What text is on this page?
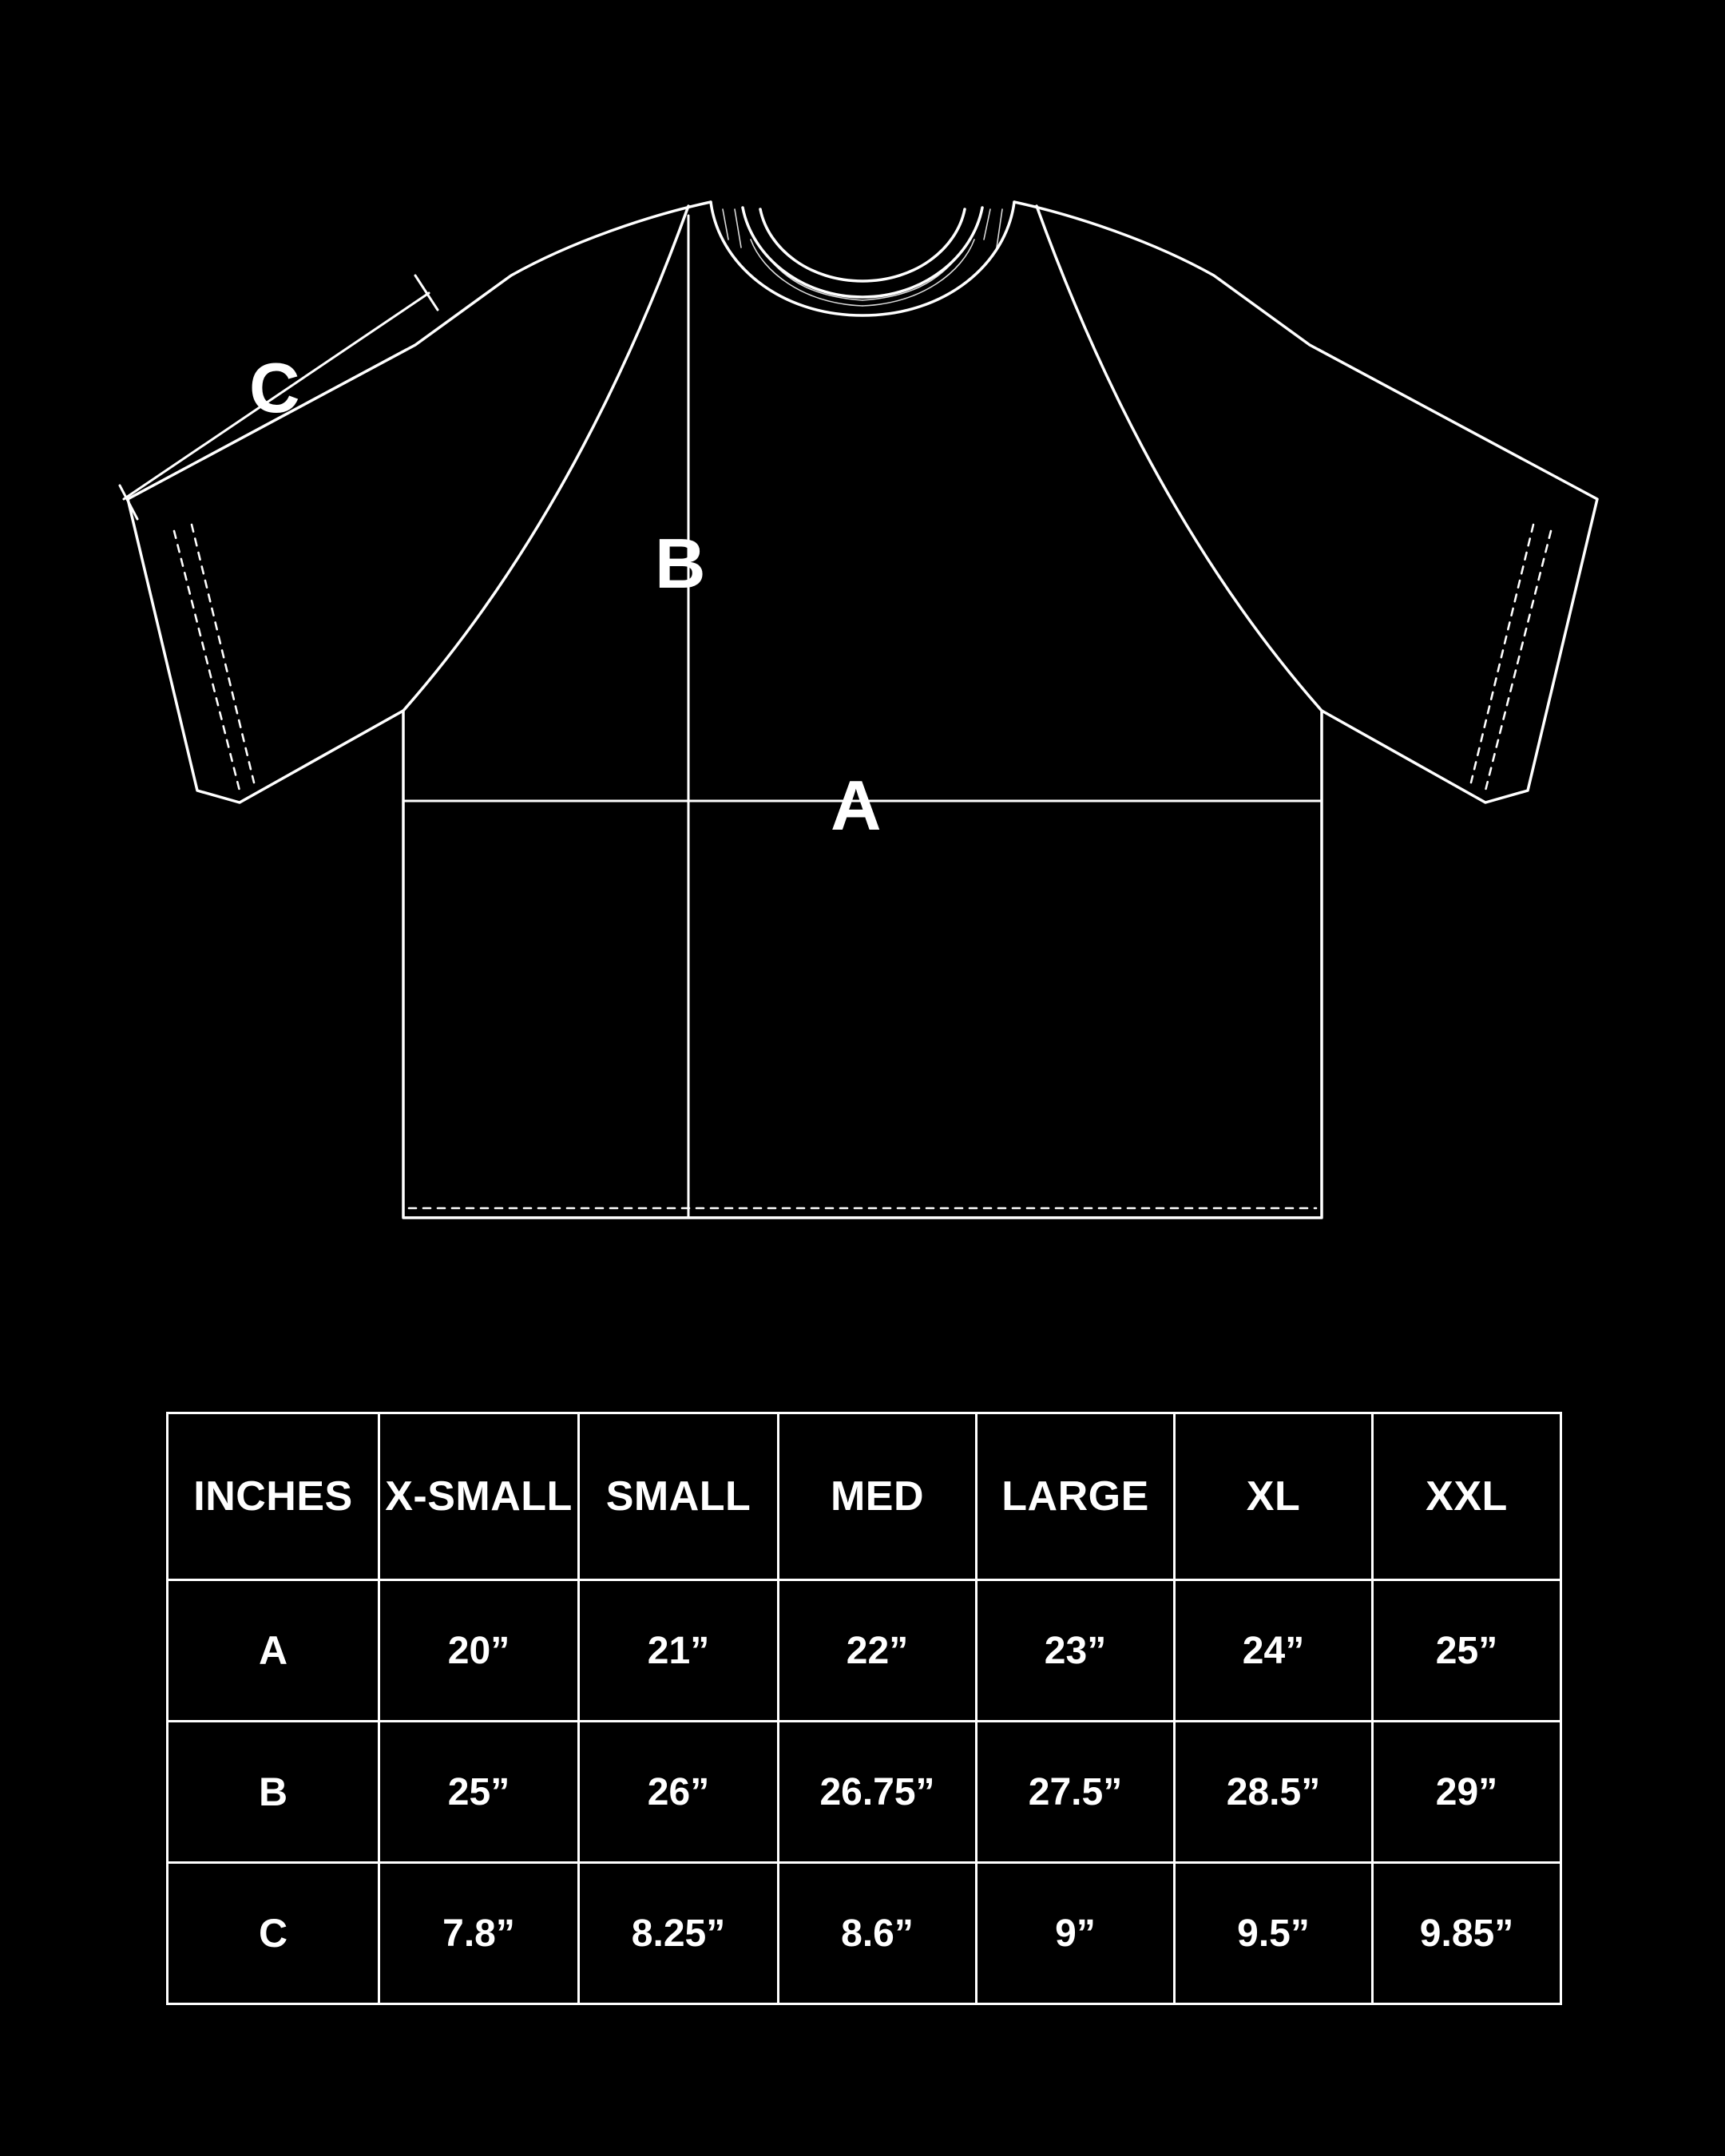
A
B
C
INCHES	X-SMALL	SMALL	MED	LARGE	XL	XXL
A	20”	21”	22”	23”	24”	25”
B	25”	26”	26.75”	27.5”	28.5”	29”
C	7.8”	8.25”	8.6”	9”	9.5”	9.85”
